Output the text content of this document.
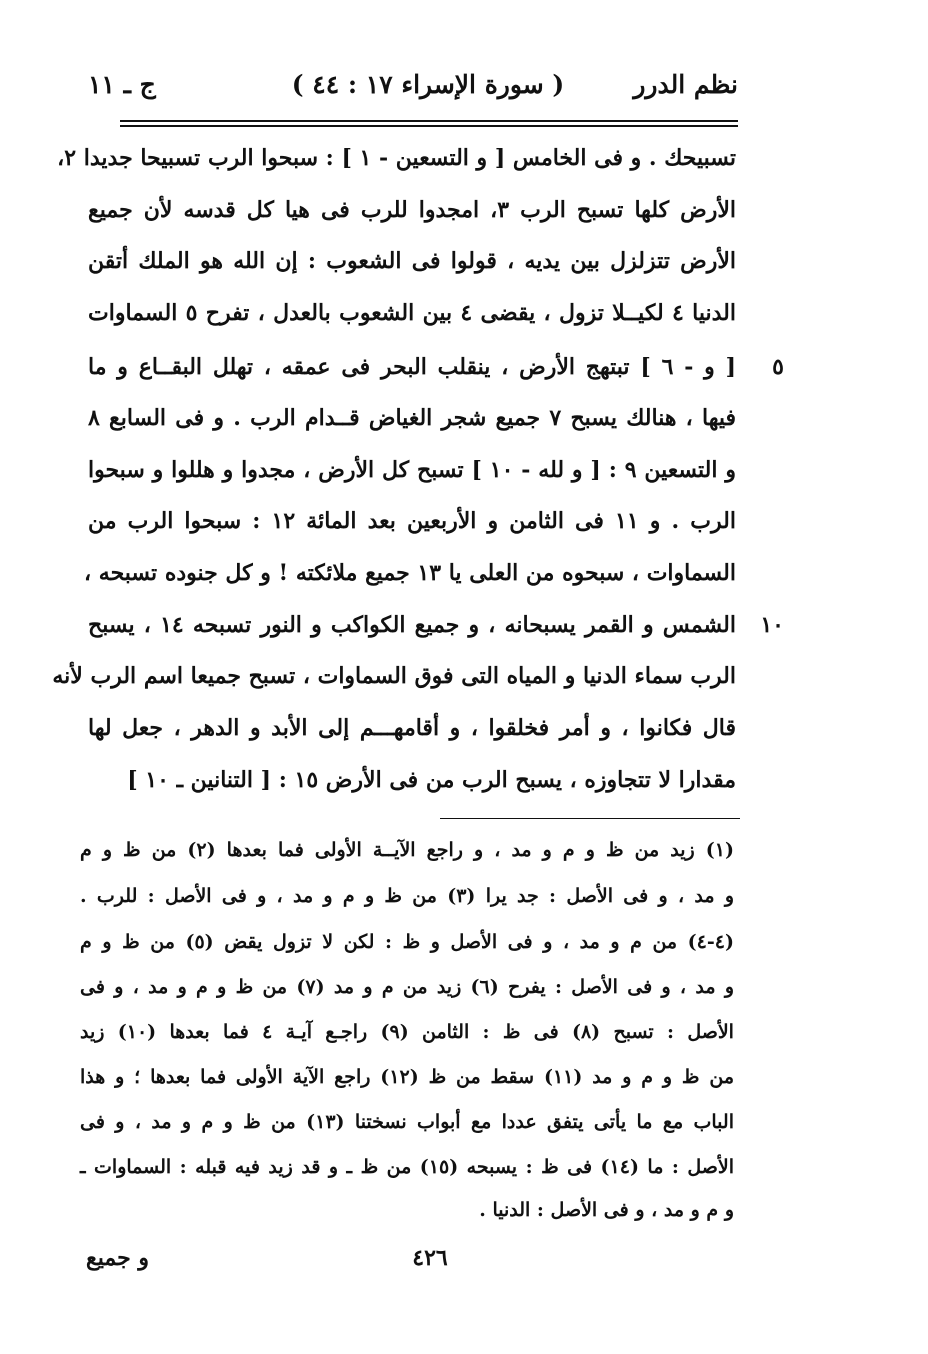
نظم الدرر
( سورة الإسراء ١٧ : ٤٤ )
ج ـ ١١
تسبيحك . و فى الخامس [ و التسعين - ١ ] : سبحوا الرب تسبيحا جديدا ٢،
الأرض كلها تسبح الرب ٣، امجدوا للرب فى هيا كل قدسه لأن جميع
الأرض تتزلزل بين يديه ، قولوا فى الشعوب : إن الله هو الملك أتقن
الدنيا ٤ لكيــلا تزول ، يقضى ٤ بين الشعوب بالعدل ، تفرح ٥ السماوات
[ و - ٦ ] تبتهج الأرض ، ينقلب البحر فى عمقه ، تهلل البقــاع و ما	٥
فيها ، هنالك يسبح ٧ جميع شجر الغياض قــدام الرب . و فى السابع ٨
و التسعين ٩ : [ و لله - ١٠ ] تسبح كل الأرض ، مجدوا و هللوا و سبحوا
الرب . و ١١ فى الثامن و الأربعين بعد المائة ١٢ : سبحوا الرب من
السماوات ، سبحوه من العلى يا ١٣ جميع ملائكته ! و كل جنوده تسبحه ،
الشمس و القمر يسبحانه ، و جميع الكواكب و النور تسبحه ١٤ ، يسبح	١٠
الرب سماء الدنيا و المياه التى فوق السماوات ، تسبح جميعا اسم الرب لأنه
قال فكانوا ، و أمر فخلقوا ، و أقامهـــم إلى الأبد و الدهر ، جعل لها
مقدارا لا تتجاوزه ، يسبح الرب من فى الأرض ١٥ : [ التنانين ـ ١٠ ]
(١) زيد من ظ و م و مد ، و راجع الآيــة الأولى فما بعدها (٢) من ظ و م
و مد ، و فى الأصل : جد يرا (٣) من ظ و م و مد ، و فى الأصل : للرب .
(٤-٤) من م و مد ، و فى الأصل و ظ : لكن لا تزول يقض (٥) من ظ و م
و مد ، و فى الأصل : يفرح (٦) زيد من م و مد (٧) من ظ و م و مد ، و فى
الأصل : تسبح (٨) فى ظ : الثامن (٩) راجـع آيـة ٤ فما بعدها (١٠) زيد
من ظ و م و مد (١١) سقط من ظ (١٢) راجع الآية الأولى فما بعدها ؛ و هذا
الباب مع ما يأتى يتفق عددا مع أبواب نسختنا (١٣) من ظ و م و مد ، و فى
الأصل : ما (١٤) فى ظ : يسبحه (١٥) من ظ ـ و قد زيد فيه قبله : السماوات ـ
و م و مد ، و فى الأصل : الدنيا .
٤٢٦
و جميع
